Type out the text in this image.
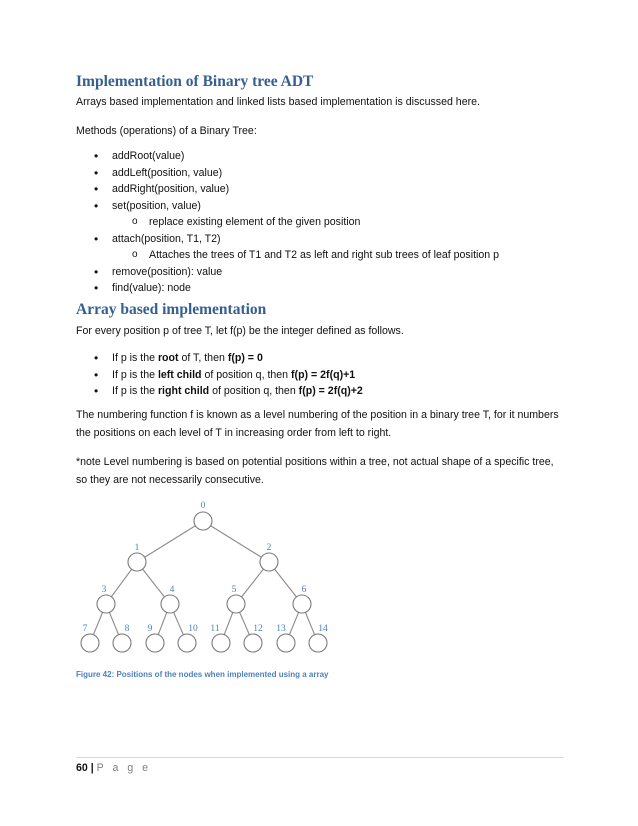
Implementation of Binary tree ADT

Arrays based implementation and linked lists based implementation is discussed here.

Methods (operations) of a Binary Tree:

• addRoot(value)
• addLeft(position, value)
• addRight(position, value)
• set(position, value)
o replace existing element of the given position
• attach(position, T1, T2)
o Attaches the trees of T1 and T2 as left and right sub trees of leaf position p
• remove(position): value
• find(value): node
Array based implementation

For every position p of tree T, let f(p) be the integer defined as follows.

• If p is the root of T, then f(p) = 0
• If p is the left child of position q, then f(p) = 2f(q)+1
• If p is the right child of position q, then f(p) = 2f(q)+2

The numbering function f is known as a level numbering of the position in a binary tree T, for it numbers

the positions on each level of T in increasing order from left to right.

*note Level numbering is based on potential positions within a tree, not actual shape of a specific tree,

so they are not necessarily consecutive.

0
1	2
3	4	5	6
7	8 9	10 11	12 13	14
Figure 42: Positions of the nodes when implemented using a array
60 | P a g e
